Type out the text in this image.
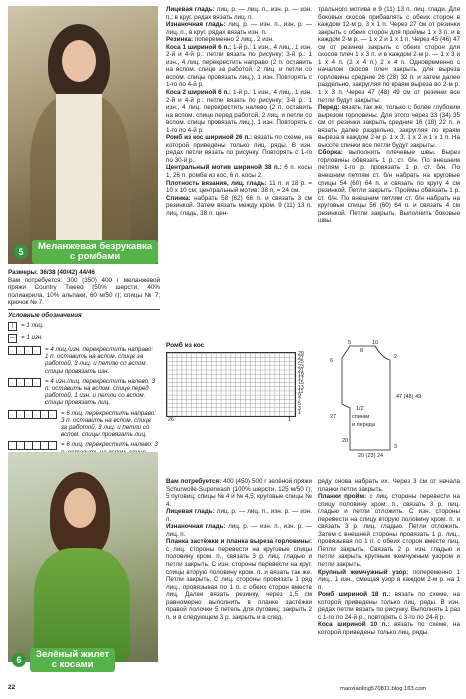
5	Меланжевая безрукавка
с ромбами

Размеры: 36/38 (40/42) 44/46

Вам потребуется: 300 (350) 400 г меланжевой пряжи Country Tweed (50% шерсти, 40% полиакрила, 10% альпаки, 60 м/50 г); спицы № 7; крючок № 7.

Условные обозначения
|	= 1 лиц.
— = 1 изн.
= 4 лиц./изн. перекрестить направо: 1 п. оставить на вспом. спице за работой, 3 лиц. и петлю со вспом. спицы провязать изн.
= 4 изн./лиц. перекрестить налево: 3 п. оставить на вспом. спице перед работой, 1 изн. и петли со вспом. спицы провязать лиц.
= 6 лиц. перекрестить направо: 3 п. оставить на вспом. спице за работой, 3 лиц. и петли со вспом. спицы провязать лиц.
= 6 лиц. перекрестить налево: 3

Лицевая гладь: лиц. р. — лиц. п., изн. р. — изн. п.; в круг. рядах вязать лиц. п.

Изнаночная гладь: лиц. р. — изн. п., изн. р. — лиц. п., в круг. рядах вязать изн. п.

Резинка: попеременно 2 лиц., 2 изн.

Коса 1 шириной 6 п.: 1-й р.: 1 изн., 4 лиц., 1 изн. 2-й и 4-й р.: петли вязать по рисунку; 3-й р.: 1 изн., 4 лиц. перекрестить направо (2 п. оставить на вспом. спице за работой, 2 лиц. и петли со вспом. спицы провязать лиц.), 1 изн. Повторять с 1-го по 4-й р.

Коса 2 шириной 6 п.: 1-й р.: 1 изн., 4 лиц., 1 изн. 2-й и 4-й р.: петли вязать по рисунку; 3-й р.: 1 изн., 4 лиц. перекрестить налево (2 п. оставить на вспом. спице перед работой, 2 лиц. и петли со вспом. спицы провязать лиц.), 1 изн. Повторять с 1-го по 4-й р.

Ромб из кос шириной 26 п.: вязать по схеме, на которой приведены только лиц. ряды. В изн. рядах петли вязать по рисунку. Повторять с 1-го по 30-й р.

Центральный мотив шириной 38 п.: 6 п. косы 1, 26 п. ромба из кос, 6 п. косы 2.

Плотность вязания, лиц. гладь: 11 п. и 18 р. = 10 х 10 см; центральный мотив: 38 п. = 24 см.

Спинка: набрать 58 (62) 66 п. и связать 3 см резинкой. Затем вязать между кром. 9 (11) 13 п. лиц. гладь, 38 п. цен-

трального мотива и 9 (11) 13 п. лиц. глади. Для боковых скосов прибавлять с обеих сторон в каждом 12-м р. 3 х 1 п. Через 27 см от резинки закрыть с обеих сторон для проймы 1 х 3 п. и в каждом 2-м р. — 1 х 2 и 1 х 1 п. Через 45 (46) 47 см от резинки закрыть с обеих сторон для скосов плеч 1 х 3 п. и в каждом 2-м р. — 1 х 3 и 1 х 4 п. (2 х 4 п.) 2 х 4 п. Одновременно с началом скосов плеч закрыть для выреза горловины средние 26 (28) 32 п. и затем далее раздельно, закругляя по краям выреза во 2-м р. 1 х 3 п. Через 47 (48) 49 см от резинки все петли будут закрыты.

Перед: вязать так же, только с более глубоким вырезом горловины. Для этого через 33 (34) 35 см от резинки закрыть средние 16 (18) 22 п. и вязать далее раздельно, закругляя по краям выреза в каждом 2-м р. 1 х 3, 1 х 2 и 1 х 1 п. На высоте спинки все петли будут закрыты.

Сборка: выполнить плечевые швы. Вырез горловины обвязать 1 р. ст. б/н. По внешним петлям 1-го р. провязать 1 р. ст. б/н. По внешним петлям ст. б/н набрать на круговые спицы 54 (60) 64 п. и связать по кругу 4 см резинкой. Петли закрыть. Проймы обвязать 1 р. ст. б/н. По внешним петлям ст. б/н набрать на круговые спицы 56 (60) 64 п. и связать 4 см резинкой. Петли закрыть. Выполнить боковые швы.

Ромб из кос
29
27
25
23
21
19
17
15
13
11
9
7
5
3
1
26	1
10
8
5
2
6
47 (48) 49
27
1/2
спинки
и переда
20
3
20 (23) 24
6	Зелёный жилет
с косами

Вам потребуется: 400 (450) 500 г зелёной пряжи Schurwolle-Superwash (100% шерсти, 125 м/50 г); 5 пуговиц; спицы № 4 и № 4,5; круговые спицы № 4.

Лицевая гладь: лиц. р. — лиц. п., изн. р. — изн. п.

Изнаночная гладь: лиц. р. — изн. п., изн. р. — лиц. п.

Планка застёжки и планка выреза горловины: с лиц. стороны перевести на круговые спицы половину кром. п., связать 3 р. лиц. гладью и петли закрыть. С изн. стороны перевести на круг. спицы вторую половину кром. п. и вязать так же. Петли закрыть. С лиц. стороны провязать 1 ряд лиц., провязывая по 1 п. с обеих сторон вместе лиц. Далее вязать резинку, через 1,5 см равномерно выполнить в планке застёжки правой полочки 5 петель для пуговиц: закрыть 2 п. и в следующем 3 р. закрыть и в след.

ряду снова набрать их. Через 3 см от начала планки петли закрыть.

Планки пройм: с лиц. стороны перевести на спицу половину кром. п., связать 3 р. лиц. гладью и петли отложить. С изн. стороны перевести на спицу вторую половину кром. п. и связать 3 р. лиц. гладью. Петли отложить. Затем с внешней стороны провязать 1 р. лиц., провязывая по 1 п. с обеих сторон вместе лиц. Петли закрыть. Связать 2 р. изн. гладью и петли закрыть крупным жемчужным узором и петли закрыть.

Крупный жемчужный узор: попеременно 1 лиц., 1 изн., смещая узор в каждом 2-м р. на 1 п.

Ромб шириной 18 п.: вязать по схеме, на которой приведены только лиц. ряды. В изн. рядах петли вязать по рисунку. Выполнять 1 раз с 1-го по 24-й р., повторять с 3-го по 24-й р.

Коса шириной 10 п.: вязать по схеме, на которой приведены только лиц. ряды.

22	maoxiaoling570811.blog.163.com
